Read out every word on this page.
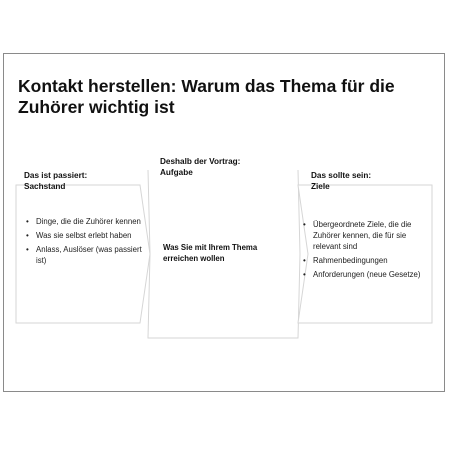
Kontakt herstellen: Warum das Thema für die Zuhörer wichtig ist
Das ist passiert:
Sachstand
Deshalb der Vortrag:
Aufgabe	Das sollte sein:
Ziele
• Dinge, die die Zuhörer kennen
• Was sie selbst erlebt haben
• Anlass, Auslöser (was passiert ist)
Was Sie mit Ihrem Thema erreichen wollen
• Übergeordnete Ziele, die die Zuhörer kennen, die für sie relevant sind
• Rahmenbedingungen
• Anforderungen (neue Gesetze)
